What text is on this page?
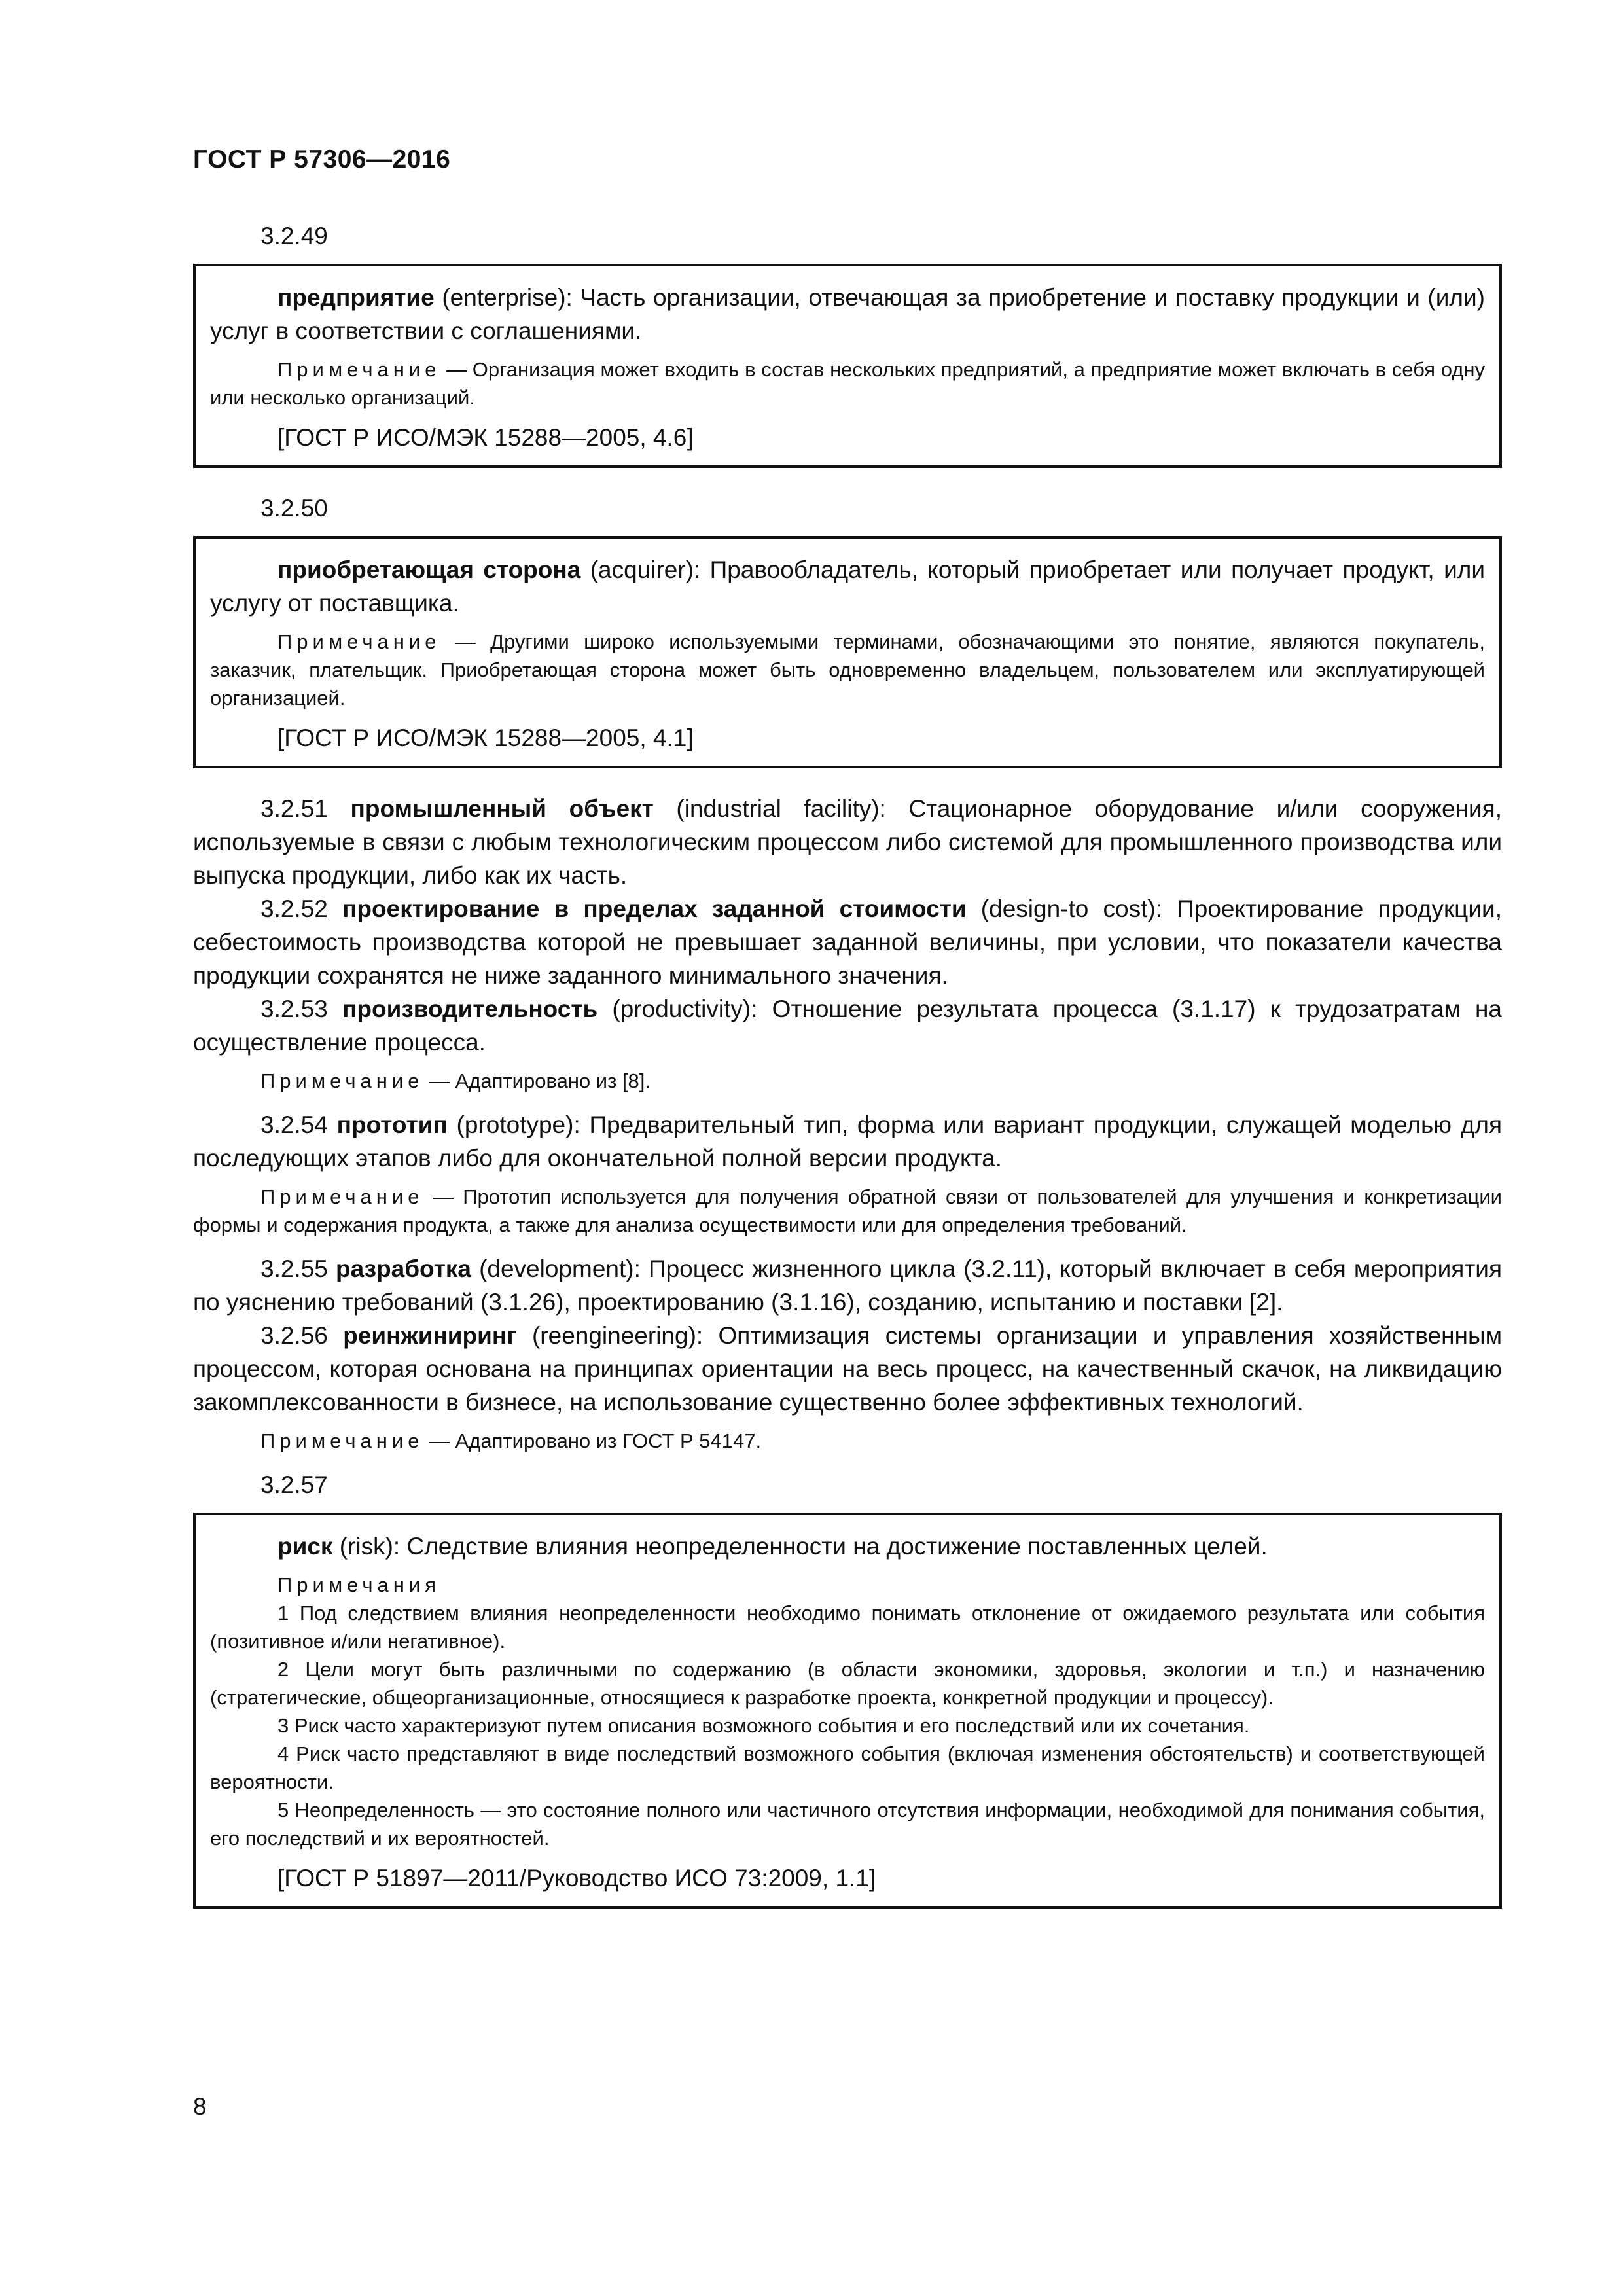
ГОСТ Р 57306—2016
3.2.49

предприятие (enterprise): Часть организации, отвечающая за приобретение и поставку продукции и (или) услуг в соответствии с соглашениями.

Примечание — Организация может входить в состав нескольких предприятий, а предприятие может включать в себя одну или несколько организаций.

[ГОСТ Р ИСО/МЭК 15288—2005, 4.6]
3.2.50

приобретающая сторона (acquirer): Правообладатель, который приобретает или получает продукт, или услугу от поставщика.

Примечание — Другими широко используемыми терминами, обозначающими это понятие, являются покупатель, заказчик, плательщик. Приобретающая сторона может быть одновременно владельцем, пользователем или эксплуатирующей организацией.

[ГОСТ Р ИСО/МЭК 15288—2005, 4.1]

3.2.51 промышленный объект (industrial facility): Стационарное оборудование и/или сооружения, используемые в связи с любым технологическим процессом либо системой для промышленного производства или выпуска продукции, либо как их часть.

3.2.52 проектирование в пределах заданной стоимости (design-to cost): Проектирование продукции, себестоимость производства которой не превышает заданной величины, при условии, что показатели качества продукции сохранятся не ниже заданного минимального значения.

3.2.53 производительность (productivity): Отношение результата процесса (3.1.17) к трудозатратам на осуществление процесса.

Примечание — Адаптировано из [8].

3.2.54 прототип (prototype): Предварительный тип, форма или вариант продукции, служащей моделью для последующих этапов либо для окончательной полной версии продукта.

Примечание — Прототип используется для получения обратной связи от пользователей для улучшения и конкретизации формы и содержания продукта, а также для анализа осуществимости или для определения требований.

3.2.55 разработка (development): Процесс жизненного цикла (3.2.11), который включает в себя мероприятия по уяснению требований (3.1.26), проектированию (3.1.16), созданию, испытанию и поставки [2].

3.2.56 реинжиниринг (reengineering): Оптимизация системы организации и управления хозяйственным процессом, которая основана на принципах ориентации на весь процесс, на качественный скачок, на ликвидацию закомплексованности в бизнесе, на использование существенно более эффективных технологий.

Примечание — Адаптировано из ГОСТ Р 54147.

3.2.57

риск (risk): Следствие влияния неопределенности на достижение поставленных целей.

Примечания

1 Под следствием влияния неопределенности необходимо понимать отклонение от ожидаемого результата или события (позитивное и/или негативное).

2 Цели могут быть различными по содержанию (в области экономики, здоровья, экологии и т.п.) и назначению (стратегические, общеорганизационные, относящиеся к разработке проекта, конкретной продукции и процессу).

3 Риск часто характеризуют путем описания возможного события и его последствий или их сочетания.

4 Риск часто представляют в виде последствий возможного события (включая изменения обстоятельств) и соответствующей вероятности.

5 Неопределенность — это состояние полного или частичного отсутствия информации, необходимой для понимания события, его последствий и их вероятностей.

[ГОСТ Р 51897—2011/Руководство ИСО 73:2009, 1.1]
8
